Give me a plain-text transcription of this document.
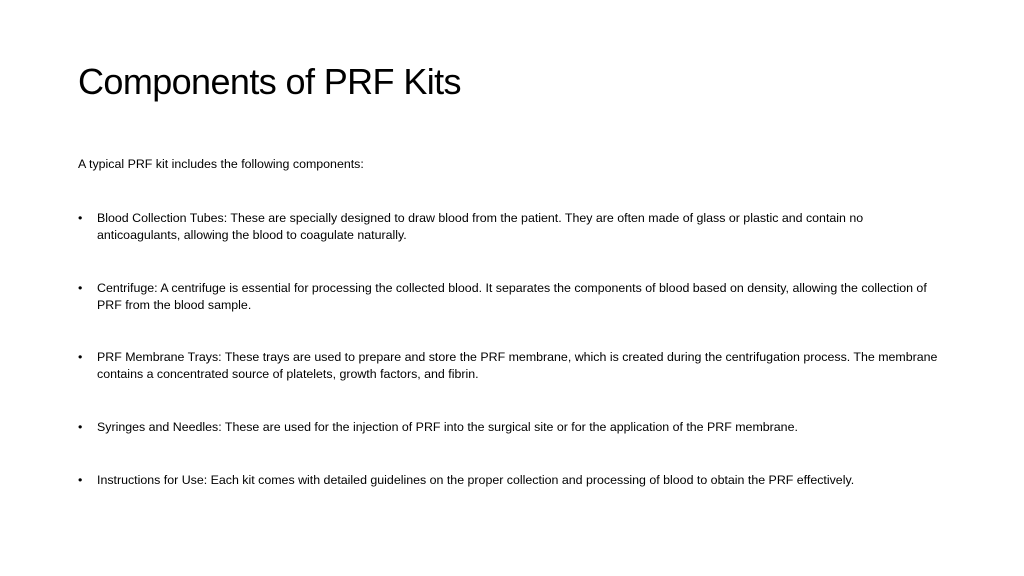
Components of PRF Kits

A typical PRF kit includes the following components:

• Blood Collection Tubes: These are specially designed to draw blood from the patient. They are often made of glass or plastic and contain no anticoagulants, allowing the blood to coagulate naturally.
• Centrifuge: A centrifuge is essential for processing the collected blood. It separates the components of blood based on density, allowing the collection of PRF from the blood sample.
• PRF Membrane Trays: These trays are used to prepare and store the PRF membrane, which is created during the centrifugation process. The membrane contains a concentrated source of platelets, growth factors, and fibrin.
• Syringes and Needles: These are used for the injection of PRF into the surgical site or for the application of the PRF membrane.
• Instructions for Use: Each kit comes with detailed guidelines on the proper collection and processing of blood to obtain the PRF effectively.
